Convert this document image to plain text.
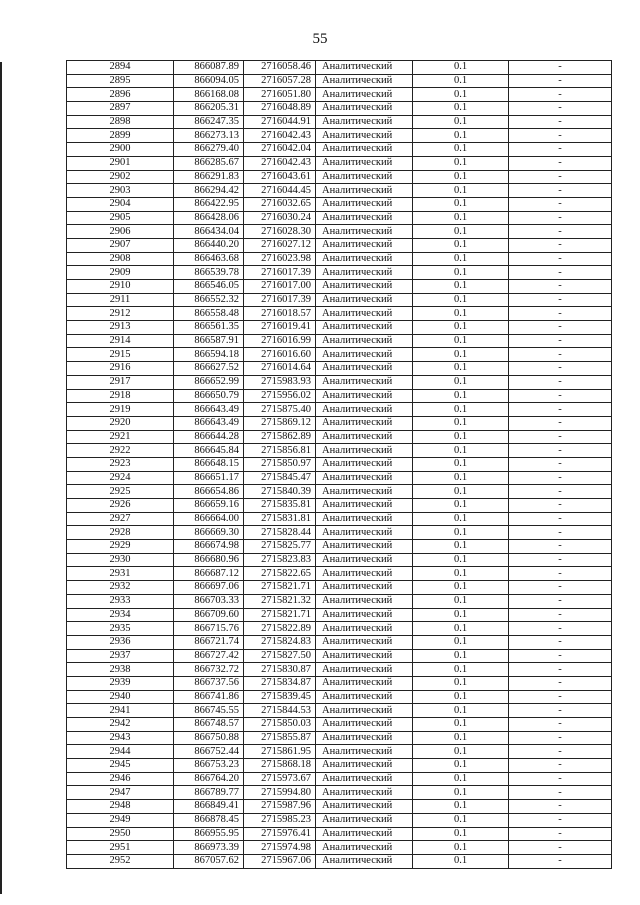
55
2894	866087.89	2716058.46	Аналитический	0.1	-
2895	866094.05	2716057.28	Аналитический	0.1	-
2896	866168.08	2716051.80	Аналитический	0.1	-
2897	866205.31	2716048.89	Аналитический	0.1	-
2898	866247.35	2716044.91	Аналитический	0.1	-
2899	866273.13	2716042.43	Аналитический	0.1	-
2900	866279.40	2716042.04	Аналитический	0.1	-
2901	866285.67	2716042.43	Аналитический	0.1	-
2902	866291.83	2716043.61	Аналитический	0.1	-
2903	866294.42	2716044.45	Аналитический	0.1	-
2904	866422.95	2716032.65	Аналитический	0.1	-
2905	866428.06	2716030.24	Аналитический	0.1	-
2906	866434.04	2716028.30	Аналитический	0.1	-
2907	866440.20	2716027.12	Аналитический	0.1	-
2908	866463.68	2716023.98	Аналитический	0.1	-
2909	866539.78	2716017.39	Аналитический	0.1	-
2910	866546.05	2716017.00	Аналитический	0.1	-
2911	866552.32	2716017.39	Аналитический	0.1	-
2912	866558.48	2716018.57	Аналитический	0.1	-
2913	866561.35	2716019.41	Аналитический	0.1	-
2914	866587.91	2716016.99	Аналитический	0.1	-
2915	866594.18	2716016.60	Аналитический	0.1	-
2916	866627.52	2716014.64	Аналитический	0.1	-
2917	866652.99	2715983.93	Аналитический	0.1	-
2918	866650.79	2715956.02	Аналитический	0.1	-
2919	866643.49	2715875.40	Аналитический	0.1	-
2920	866643.49	2715869.12	Аналитический	0.1	-
2921	866644.28	2715862.89	Аналитический	0.1	-
2922	866645.84	2715856.81	Аналитический	0.1	-
2923	866648.15	2715850.97	Аналитический	0.1	-
2924	866651.17	2715845.47	Аналитический	0.1	-
2925	866654.86	2715840.39	Аналитический	0.1	-
2926	866659.16	2715835.81	Аналитический	0.1	-
2927	866664.00	2715831.81	Аналитический	0.1	-
2928	866669.30	2715828.44	Аналитический	0.1	-
2929	866674.98	2715825.77	Аналитический	0.1	-
2930	866680.96	2715823.83	Аналитический	0.1	-
2931	866687.12	2715822.65	Аналитический	0.1	-
2932	866697.06	2715821.71	Аналитический	0.1	-
2933	866703.33	2715821.32	Аналитический	0.1	-
2934	866709.60	2715821.71	Аналитический	0.1	-
2935	866715.76	2715822.89	Аналитический	0.1	-
2936	866721.74	2715824.83	Аналитический	0.1	-
2937	866727.42	2715827.50	Аналитический	0.1	-
2938	866732.72	2715830.87	Аналитический	0.1	-
2939	866737.56	2715834.87	Аналитический	0.1	-
2940	866741.86	2715839.45	Аналитический	0.1	-
2941	866745.55	2715844.53	Аналитический	0.1	-
2942	866748.57	2715850.03	Аналитический	0.1	-
2943	866750.88	2715855.87	Аналитический	0.1	-
2944	866752.44	2715861.95	Аналитический	0.1	-
2945	866753.23	2715868.18	Аналитический	0.1	-
2946	866764.20	2715973.67	Аналитический	0.1	-
2947	866789.77	2715994.80	Аналитический	0.1	-
2948	866849.41	2715987.96	Аналитический	0.1	-
2949	866878.45	2715985.23	Аналитический	0.1	-
2950	866955.95	2715976.41	Аналитический	0.1	-
2951	866973.39	2715974.98	Аналитический	0.1	-
2952	867057.62	2715967.06	Аналитический	0.1	-
